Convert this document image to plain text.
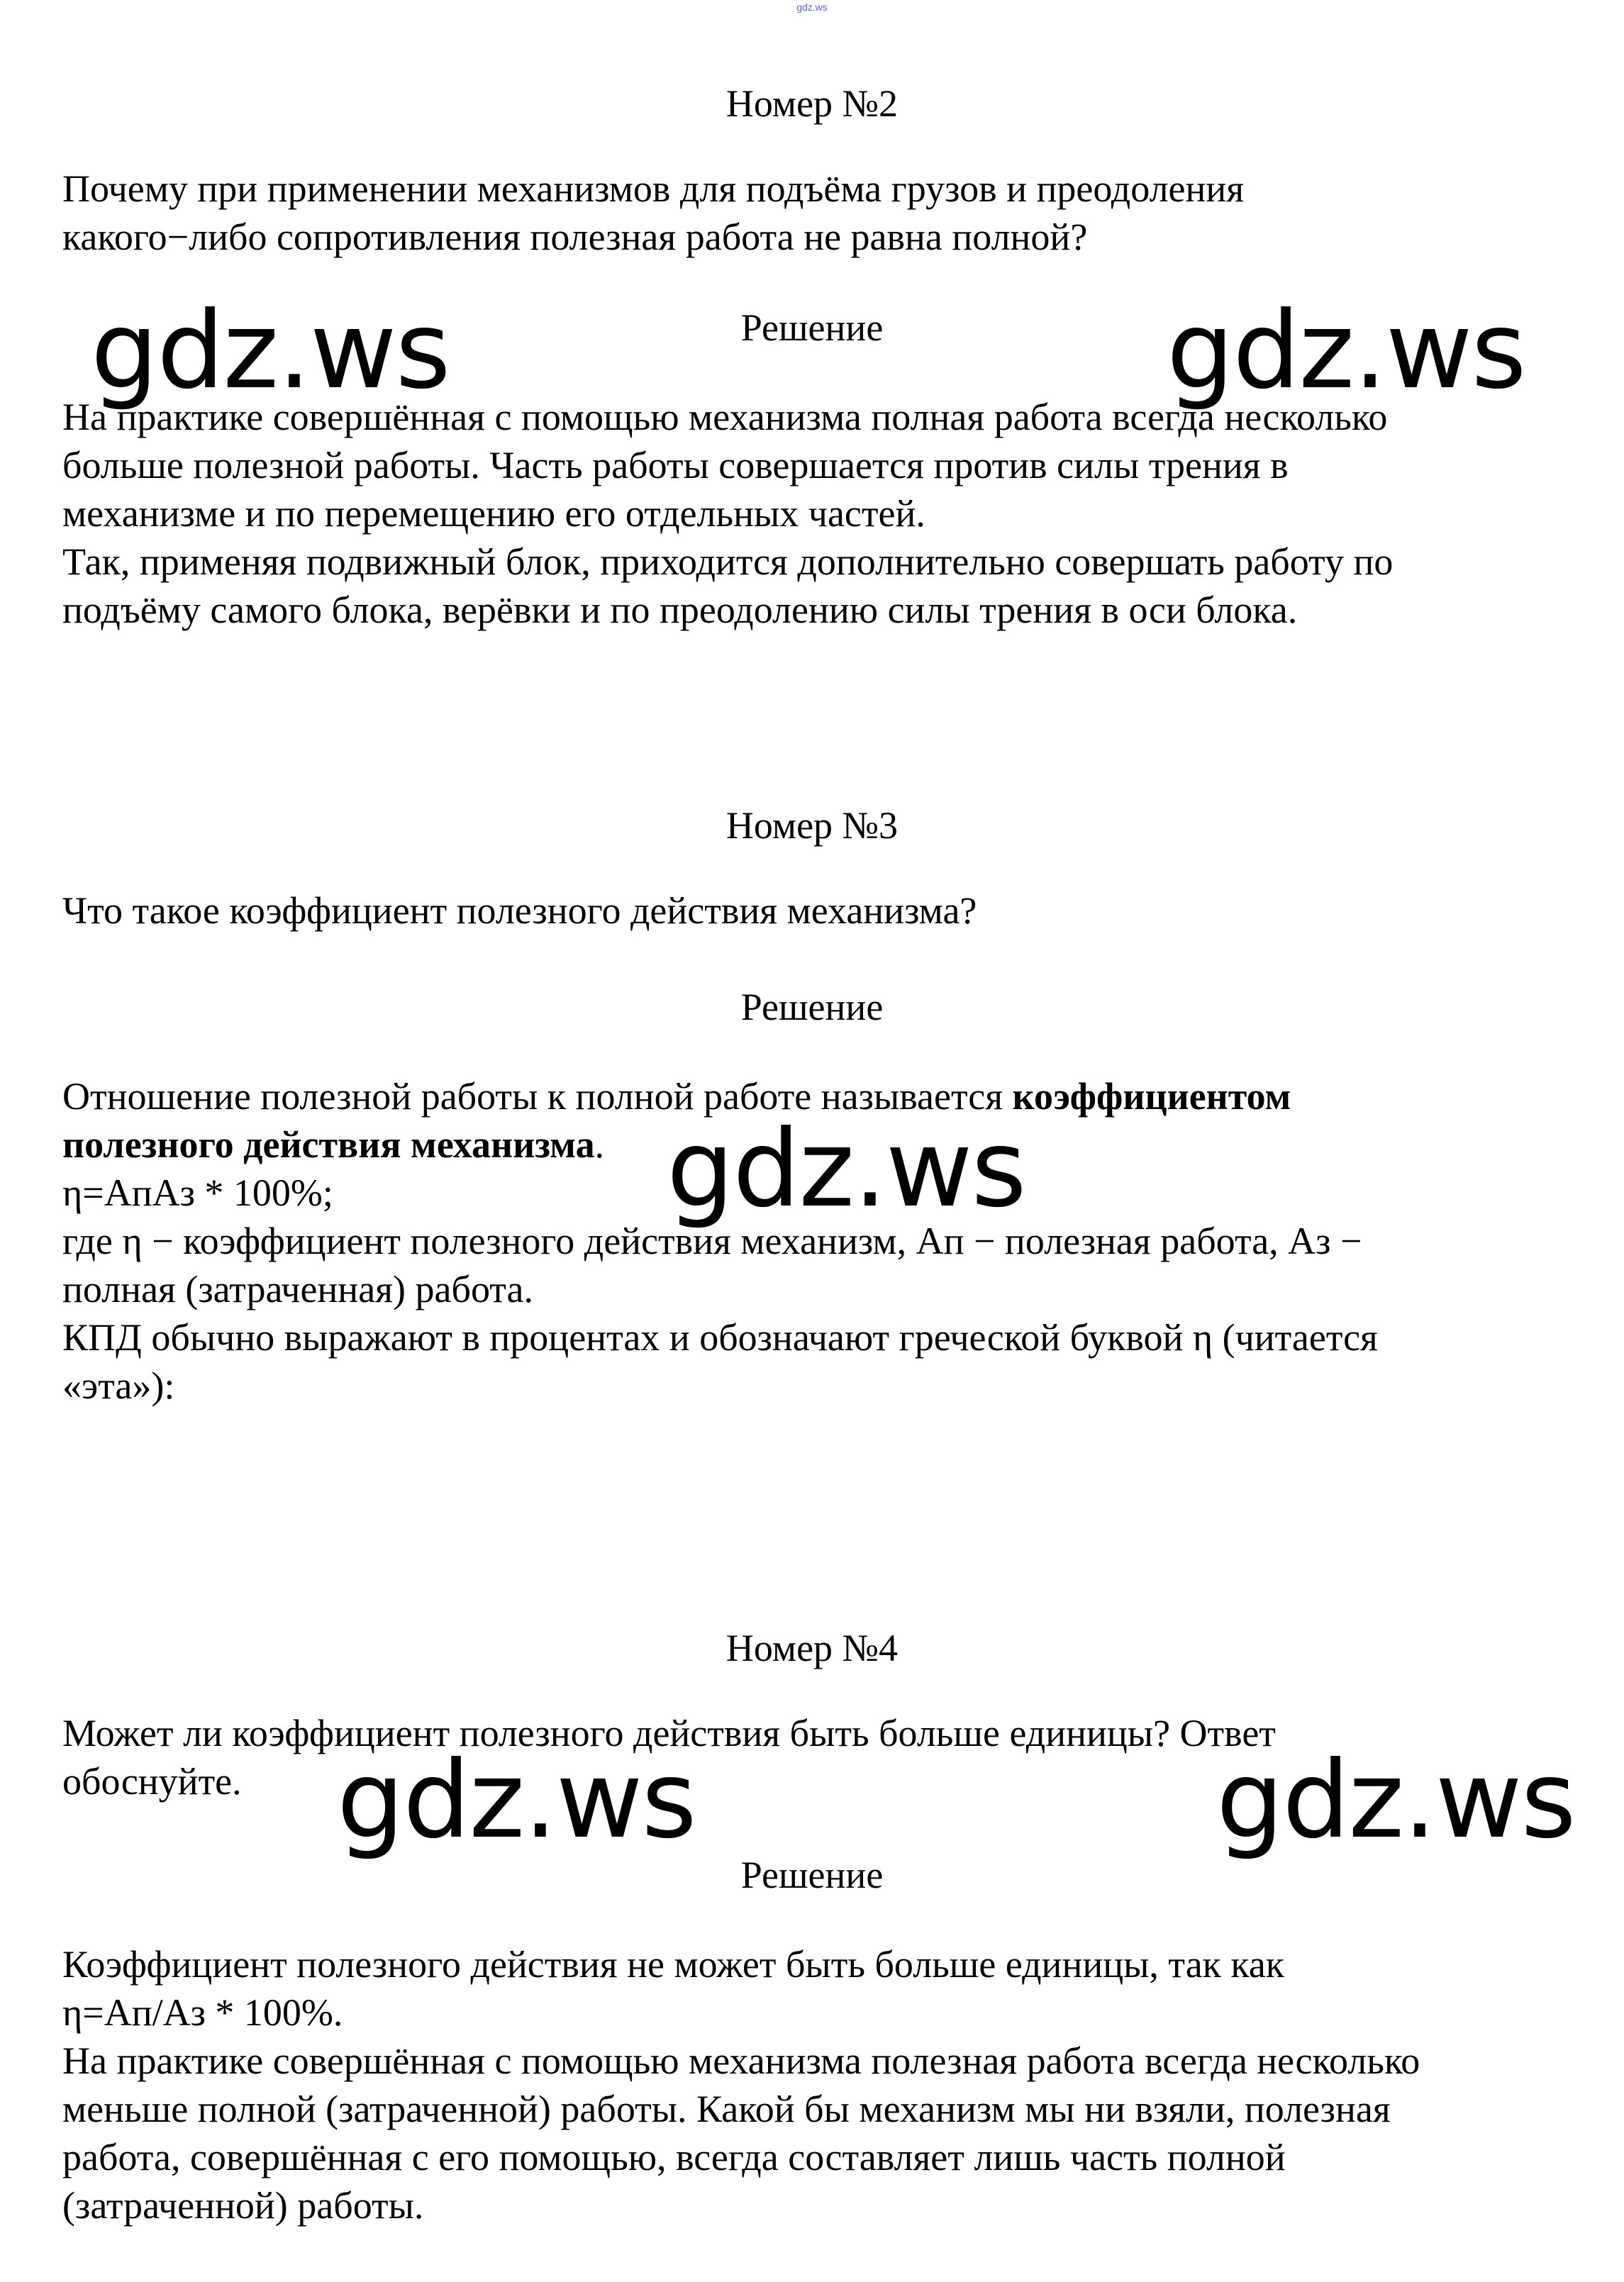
gdz.ws
Номер №2
Почему при применении механизмов для подъёма грузов и преодоления
какого−либо сопротивления полезная работа не равна полной?
Решение
На практике совершённая с помощью механизма полная работа всегда несколько
больше полезной работы. Часть работы совершается против силы трения в
механизме и по перемещению его отдельных частей.
Так, применяя подвижный блок, приходится дополнительно совершать работу по
подъёму самого блока, верёвки и по преодолению силы трения в оси блока.
Номер №3
Что такое коэффициент полезного действия механизма?
Решение
Отношение полезной работы к полной работе называется коэффициентом
полезного действия механизма.
η=АпАз * 100%;
где η − коэффициент полезного действия механизм, Ап − полезная работа, Аз −
полная (затраченная) работа.
КПД обычно выражают в процентах и обозначают греческой буквой η (читается
«эта»):
Номер №4
Может ли коэффициент полезного действия быть больше единицы? Ответ
обоснуйте.
Решение
Коэффициент полезного действия не может быть больше единицы, так как
η=Ап/Аз * 100%.
На практике совершённая с помощью механизма полезная работа всегда несколько
меньше полной (затраченной) работы. Какой бы механизм мы ни взяли, полезная
работа, совершённая с его помощью, всегда составляет лишь часть полной
(затраченной) работы.
gdz.ws	gdz.ws
gdz.ws
gdz.ws	gdz.ws
